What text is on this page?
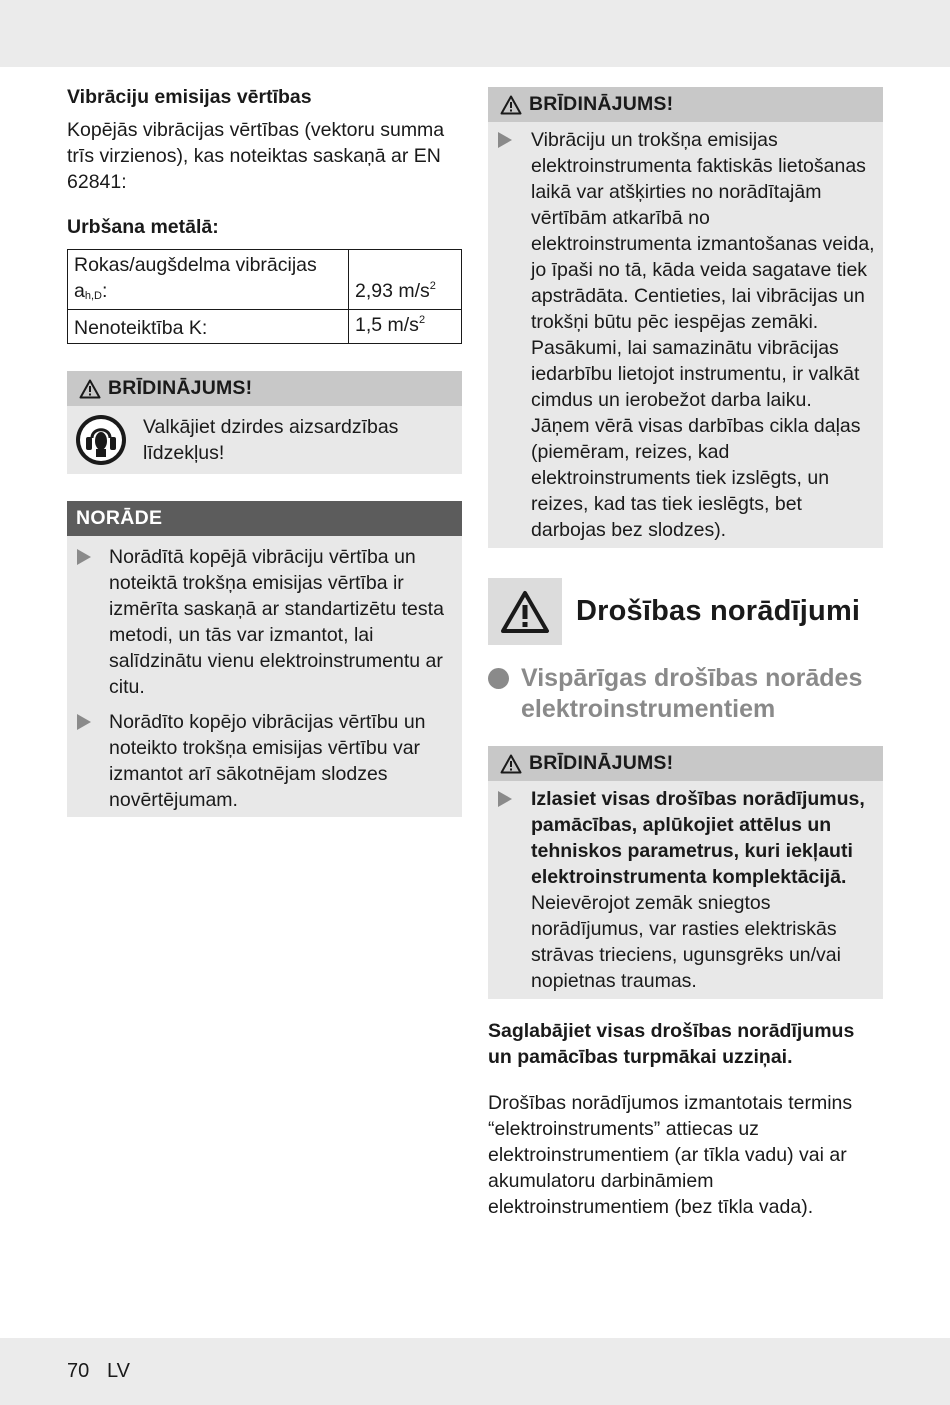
Vibrāciju emisijas vērtības

Kopējās vibrācijas vērtības (vektoru summa trīs virzienos), kas noteiktas saskaņā ar EN 62841:

Urbšana metālā:

Rokas/augšdelma vibrācijas
$a_{h,D}$:	2,93 $m/s^2$
Nenoteiktība K:	1,5 $m/s^2$
BRĪDINĀJUMS!

Valkājiet dzirdes aizsardzības līdzekļus!

NORĀDE

Norādītā kopējā vibrāciju vērtība un noteiktā trokšņa emisijas vērtība ir izmērīta saskaņā ar standartizētu testa metodi, un tās var izmantot, lai salīdzinātu vienu elektroinstrumentu ar citu.

Norādīto kopējo vibrācijas vērtību un noteikto trokšņa emisijas vērtību var izmantot arī sākotnējam slodzes novērtējumam.

BRĪDINĀJUMS!

Vibrāciju un trokšņa emisijas elektroinstrumenta faktiskās lietošanas laikā var atšķirties no norādītajām vērtībām atkarībā no elektroinstrumenta izmantošanas veida, jo īpaši no tā, kāda veida sagatave tiek apstrādāta. Centieties, lai vibrācijas un trokšņi būtu pēc iespējas zemāki. Pasākumi, lai samazinātu vibrācijas iedarbību lietojot instrumentu, ir valkāt cimdus un ierobežot darba laiku. Jāņem vērā visas darbības cikla daļas (piemēram, reizes, kad elektroinstruments tiek izslēgts, un reizes, kad tas tiek ieslēgts, bet darbojas bez slodzes).

Drošības norādījumi
Vispārīgas drošības norādes elektroinstrumentiem
BRĪDINĀJUMS!

Izlasiet visas drošības norādījumus, pamācības, aplūkojiet attēlus un tehniskos parametrus, kuri iekļauti elektroinstrumenta komplektācijā. Neievērojot zemāk sniegtos norādījumus, var rasties elektriskās strāvas trieciens, ugunsgrēks un/vai nopietnas traumas.

Saglabājiet visas drošības norādījumus un pamācības turpmākai uzziņai.

Drošības norādījumos izmantotais termins “elektroinstruments” attiecas uz elektroinstrumentiem (ar tīkla vadu) vai ar akumulatoru darbināmiem elektroinstrumentiem (bez tīkla vada).

70 LV
